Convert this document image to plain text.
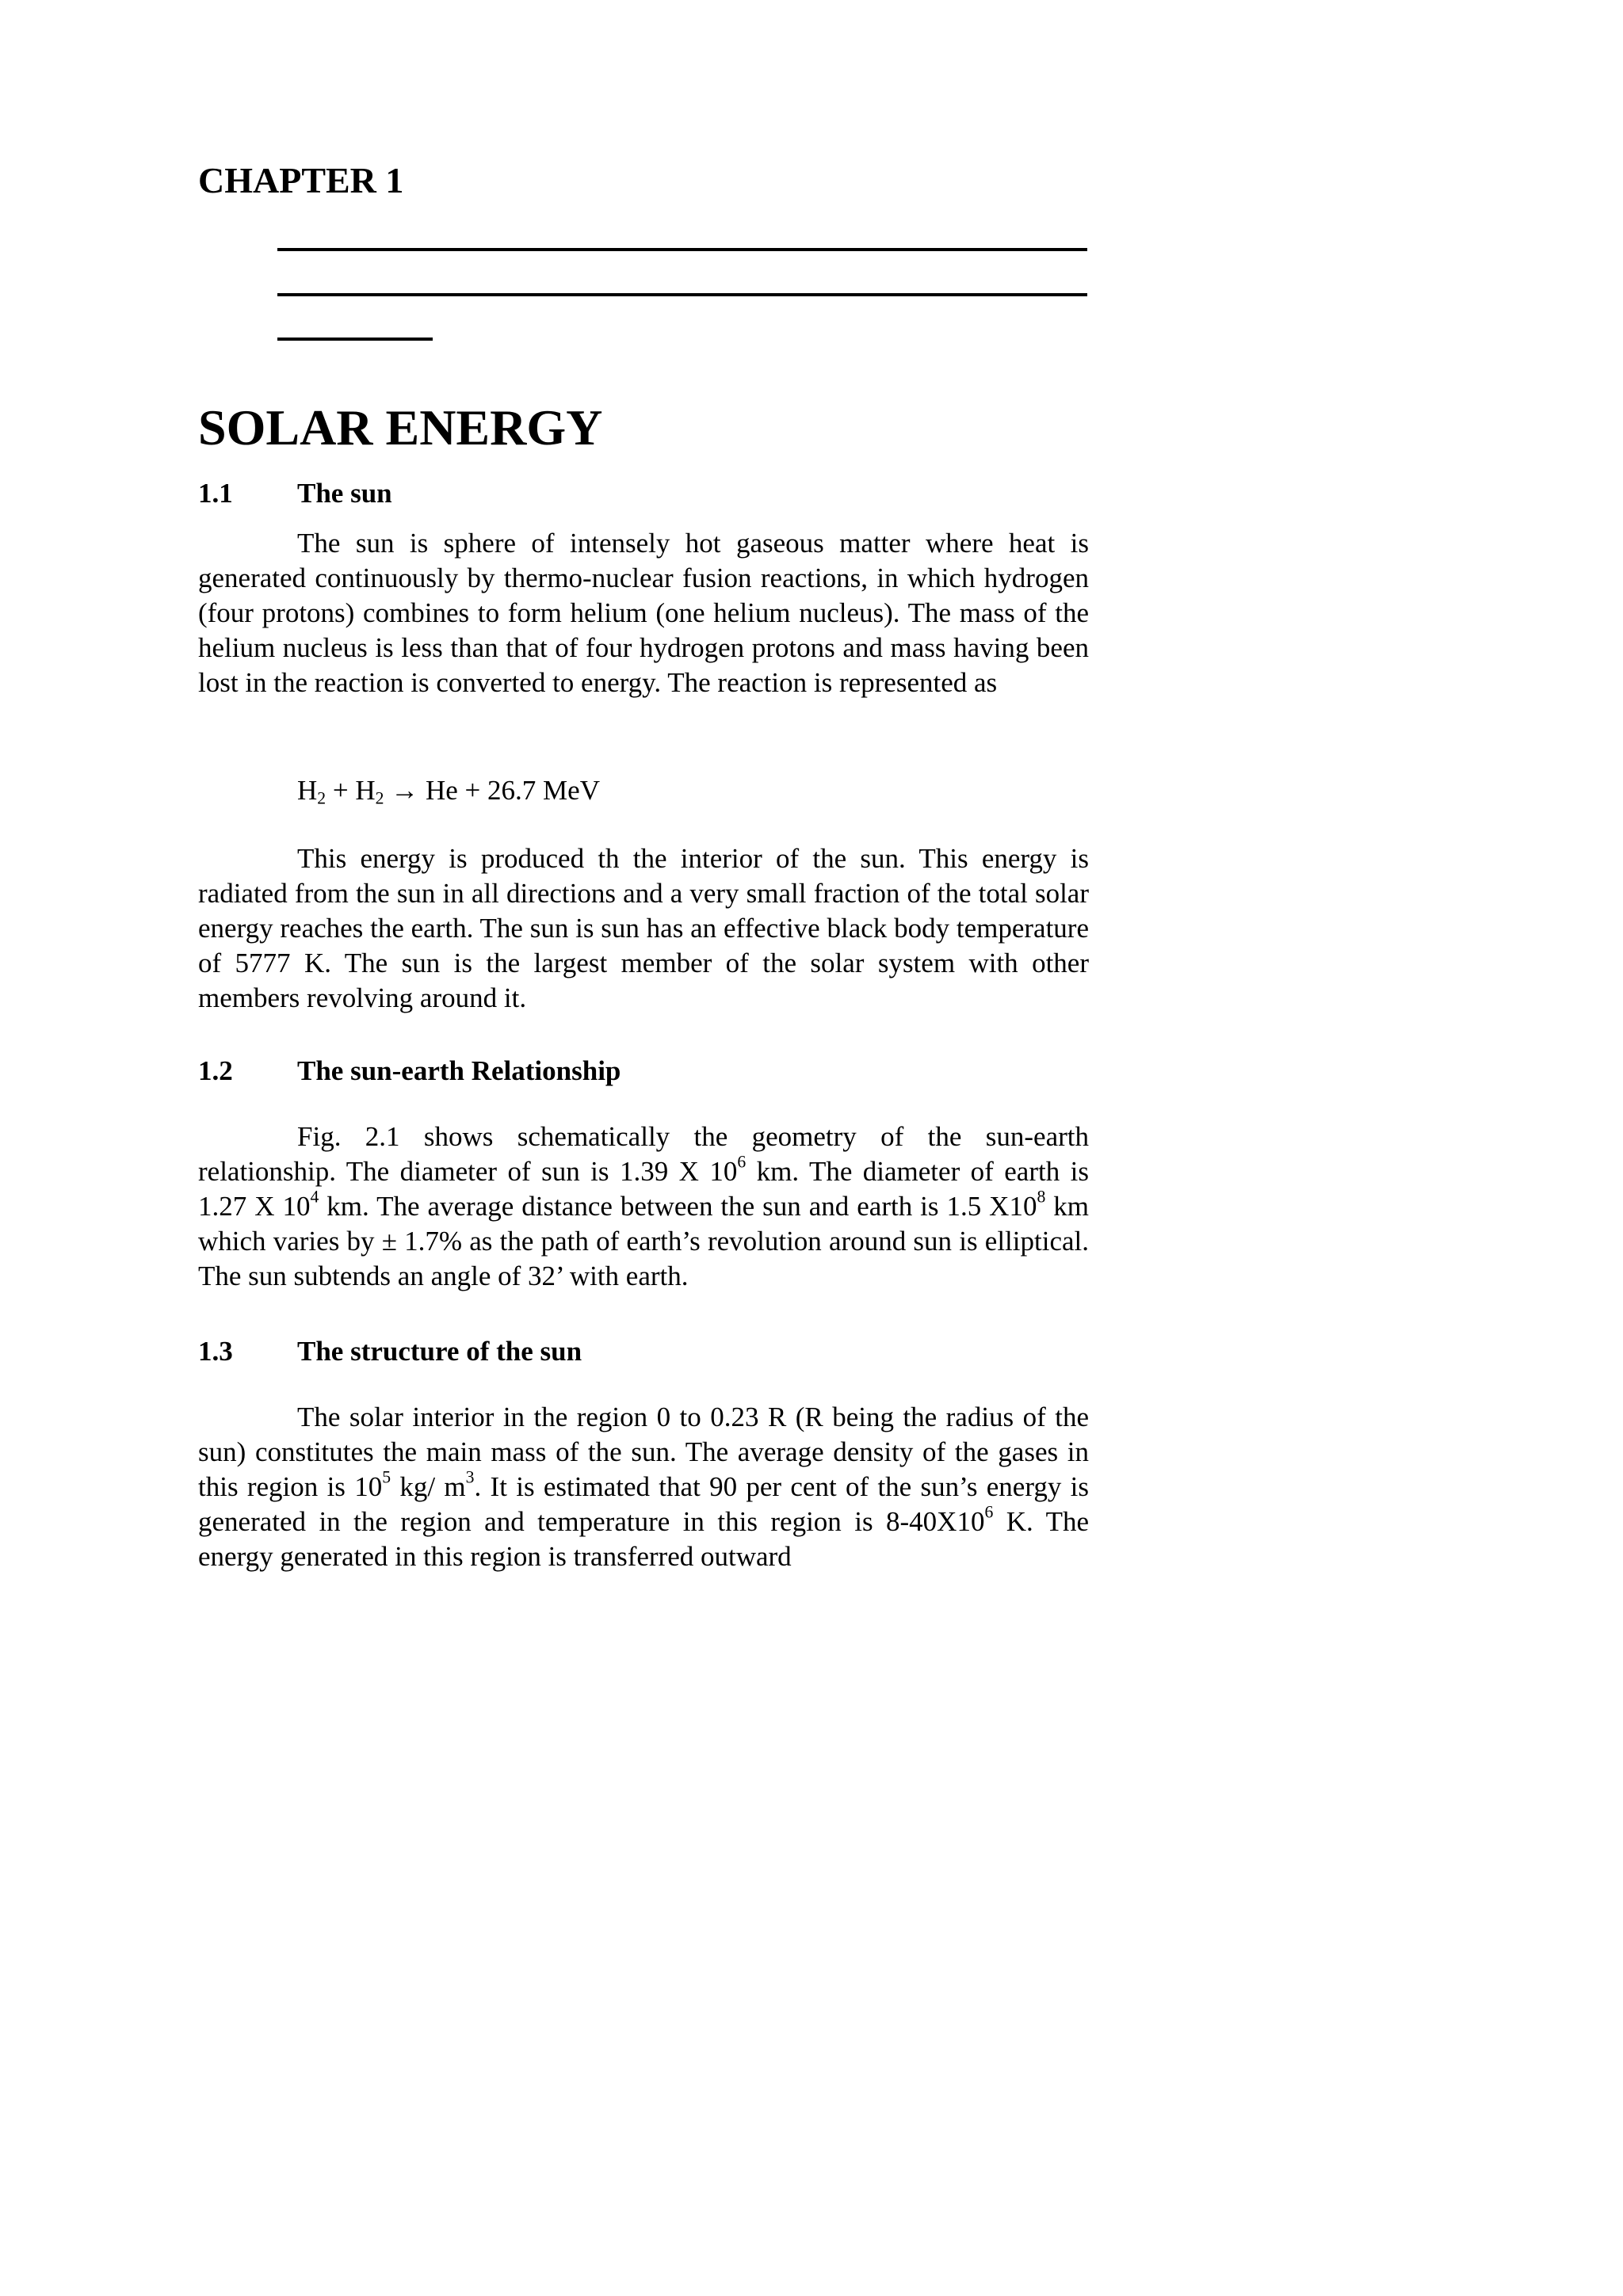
CHAPTER 1
SOLAR ENERGY
1.1 The sun

The sun is sphere of intensely hot gaseous matter where heat is generated continuously by thermo-nuclear fusion reactions, in which hydrogen (four protons) combines to form helium (one helium nucleus). The mass of the helium nucleus is less than that of four hydrogen protons and mass having been lost in the reaction is converted to energy. The reaction is represented as

$H_2 + H_2 \to He + 26.7$ MeV

This energy is produced th the interior of the sun. This energy is radiated from the sun in all directions and a very small fraction of the total solar energy reaches the earth. The sun is sun has an effective black body temperature of 5777 K. The sun is the largest member of the solar system with other members revolving around it.

1.2 The sun-earth Relationship

Fig. 2.1 shows schematically the geometry of the sun-earth relationship. The diameter of sun is 1.39 X $10^6$ km. The diameter of earth is 1.27 X $10^4$ km. The average distance between the sun and earth is 1.5 $X10^8$ km which varies by ± 1.7% as the path of earth’s revolution around sun is elliptical. The sun subtends an angle of 32’ with earth.

1.3 The structure of the sun

The solar interior in the region 0 to 0.23 R (R being the radius of the sun) constitutes the main mass of the sun. The average density of the gases in this region is $10^5$ kg/ $m^3$. It is estimated that 90 per cent of the sun’s energy is generated in the region and temperature in this region is $8-40X10^6$ K. The energy generated in this region is transferred outward
